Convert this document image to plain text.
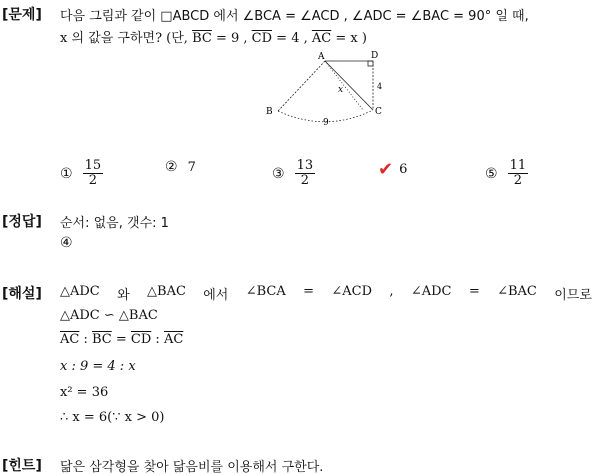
[문제] 다음 그림과 같이 □ABCD 에서 ∠BCA = ∠ACD , ∠ADC = ∠BAC = 90° 일 때,
x 의 값을 구하면? (단, $\overline{BC} = 9$ , $\overline{CD} = 4$ , $\overline{AC} = x$ )
A	D
B	C
x
9
4
① $\frac{15}{2}$	② 7	③ $\frac{13}{2}$	✔ 6	⑤ $\frac{11}{2}$
[정답] 순서: 없음, 갯수: 1
④
[해설] △ADC 와 △BAC 에서 ∠BCA = ∠ACD , ∠ADC = ∠BAC 이므로
△ADC ∽ △BAC
$\overline{AC}$ : $\overline{BC} = \overline{CD}$ : $\overline{AC}$
x : 9 = 4 : x
x² = 36
∴ x = 6(∵ x > 0)
[힌트] 닮은 삼각형을 찾아 닮음비를 이용해서 구한다.
